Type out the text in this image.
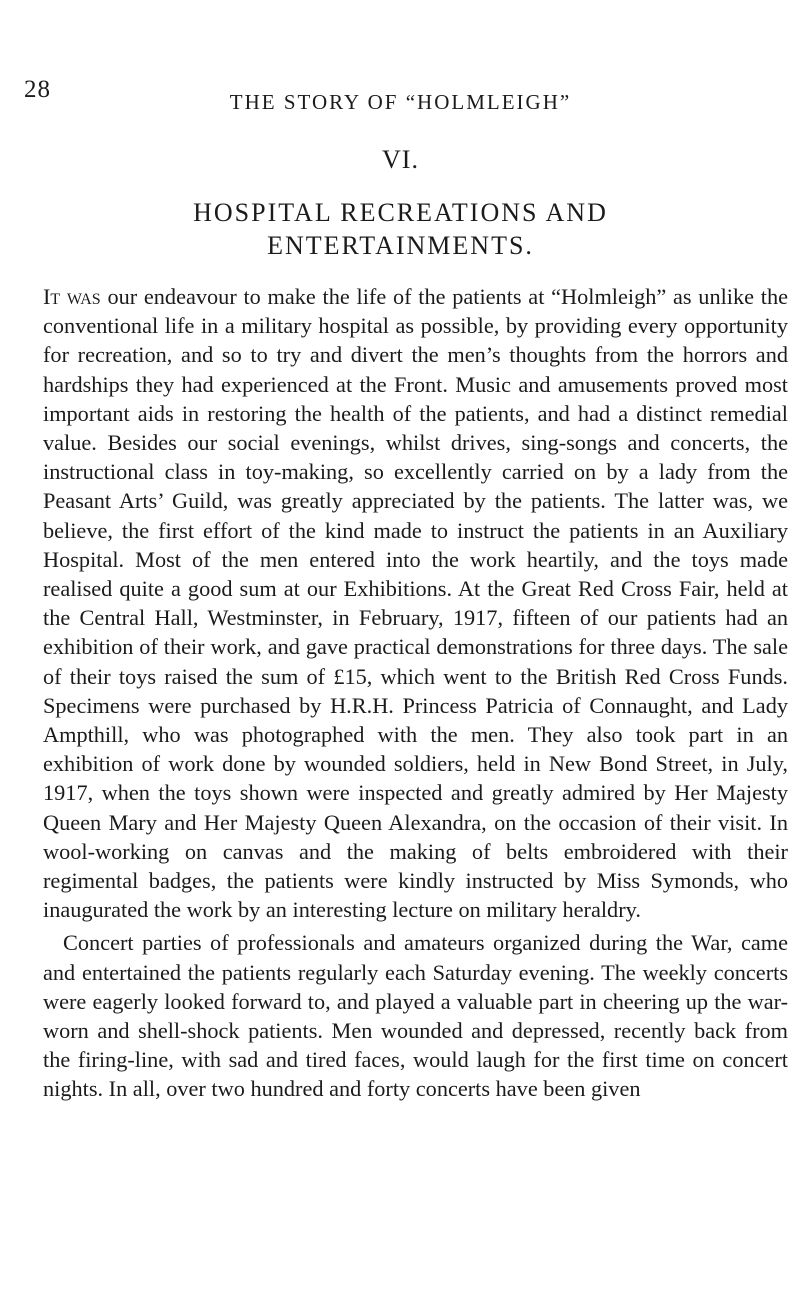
28	THE STORY OF “HOLMLEIGH”
VI.
HOSPITAL RECREATIONS AND
ENTERTAINMENTS.

It was our endeavour to make the life of the patients at “Holmleigh” as unlike the conventional life in a military hospital as possible, by providing every opportunity for recreation, and so to try and divert the men’s thoughts from the horrors and hardships they had experienced at the Front. Music and amusements proved most important aids in restoring the health of the patients, and had a distinct remedial value. Besides our social evenings, whilst drives, sing-songs and concerts, the instructional class in toy-making, so excellently carried on by a lady from the Peasant Arts’ Guild, was greatly appreciated by the patients. The latter was, we believe, the first effort of the kind made to instruct the patients in an Auxiliary Hospital. Most of the men entered into the work heartily, and the toys made realised quite a good sum at our Exhibitions. At the Great Red Cross Fair, held at the Central Hall, Westminster, in February, 1917, fifteen of our patients had an exhibition of their work, and gave practical demonstrations for three days. The sale of their toys raised the sum of £15, which went to the British Red Cross Funds. Specimens were purchased by H.R.H. Princess Patricia of Connaught, and Lady Ampthill, who was photographed with the men. They also took part in an exhibition of work done by wounded soldiers, held in New Bond Street, in July, 1917, when the toys shown were inspected and greatly admired by Her Majesty Queen Mary and Her Majesty Queen Alexandra, on the occasion of their visit. In wool-working on canvas and the making of belts embroidered with their regimental badges, the patients were kindly instructed by Miss Symonds, who inaugurated the work by an interesting lecture on military heraldry.

Concert parties of professionals and amateurs organized during the War, came and entertained the patients regularly each Saturday evening. The weekly concerts were eagerly looked forward to, and played a valuable part in cheering up the war-worn and shell-shock patients. Men wounded and depressed, recently back from the firing-line, with sad and tired faces, would laugh for the first time on concert nights. In all, over two hundred and forty concerts have been given
